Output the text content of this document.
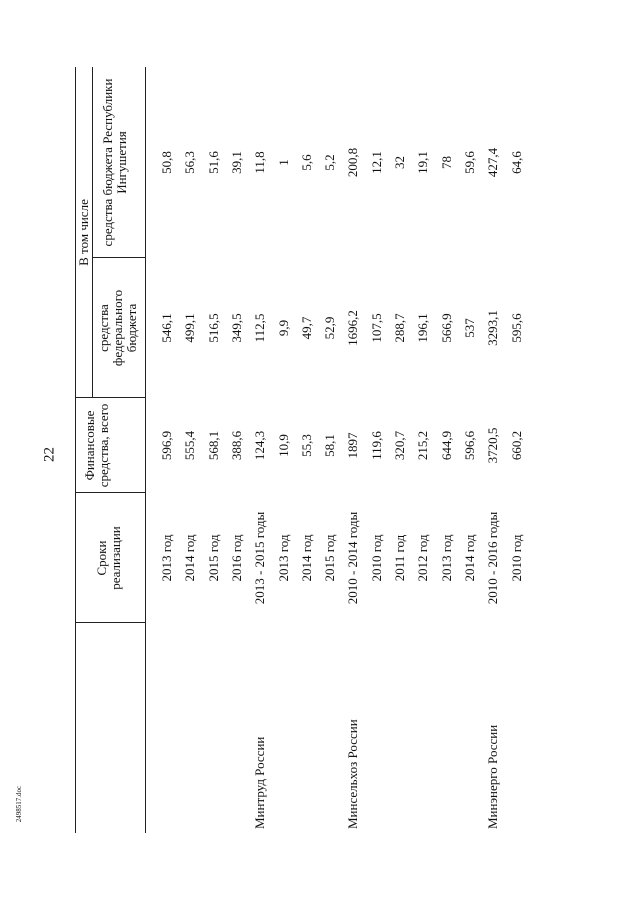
22
2498517.doc
Сроки реализации
Финансовые средства, всего
В том числе
средства федерального бюджета
средства бюджета Республики Ингушетия
2013 год
596,9
546,1
50,8
2014 год
555,4
499,1
56,3
2015 год
568,1
516,5
51,6
2016 год
388,6
349,5
39,1
Минтруд России
2013 - 2015 годы
124,3
112,5
11,8
2013 год
10,9
9,9
1
2014 год
55,3
49,7
5,6
2015 год
58,1
52,9
5,2
Минсельхоз России
2010 - 2014 годы
1897
1696,2
200,8
2010 год
119,6
107,5
12,1
2011 год
320,7
288,7
32
2012 год
215,2
196,1
19,1
2013 год
644,9
566,9
78
2014 год
596,6
537
59,6
Минэнерго России
2010 - 2016 годы
3720,5
3293,1
427,4
2010 год
660,2
595,6
64,6
